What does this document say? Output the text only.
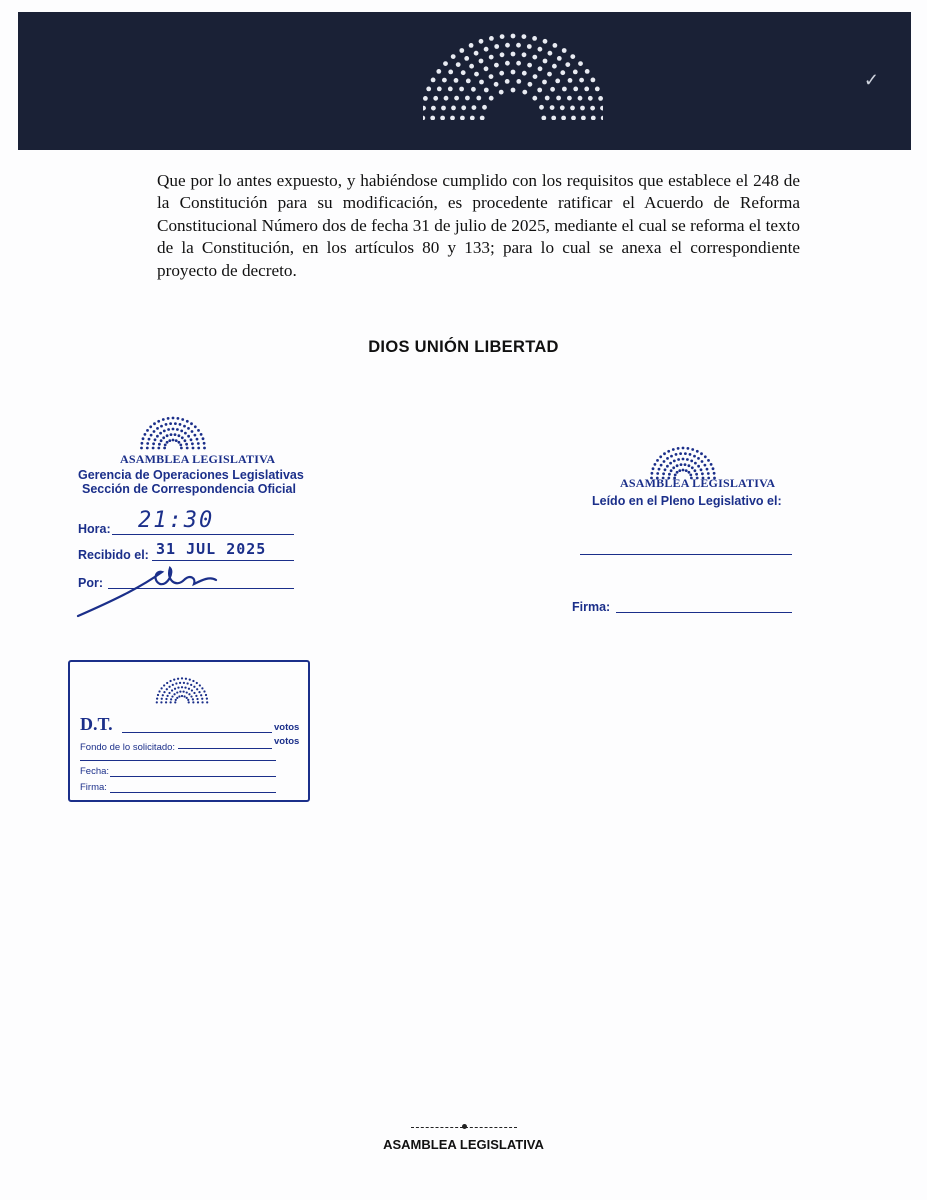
✓
Que por lo antes expuesto, y habiéndose cumplido con los requisitos que establece el 248 de la Constitución para su modificación, es procedente ratificar el Acuerdo de Reforma Constitucional Número dos de fecha 31 de julio de 2025, mediante el cual se reforma el texto de la Constitución, en los artículos 80 y 133; para lo cual se anexa el correspondiente proyecto de decreto.
DIOS UNIÓN LIBERTAD
ASAMBLEA LEGISLATIVA
Gerencia de Operaciones Legislativas
Sección de Correspondencia Oficial
Hora: 21:30
Recibido el: 31 JUL 2025
Por:
ASAMBLEA LEGISLATIVA
Leído en el Pleno Legislativo el:
Firma:
D.T.	votos
Fondo de lo solicitado:
votos
Fecha:
Firma:
ASAMBLEA LEGISLATIVA
